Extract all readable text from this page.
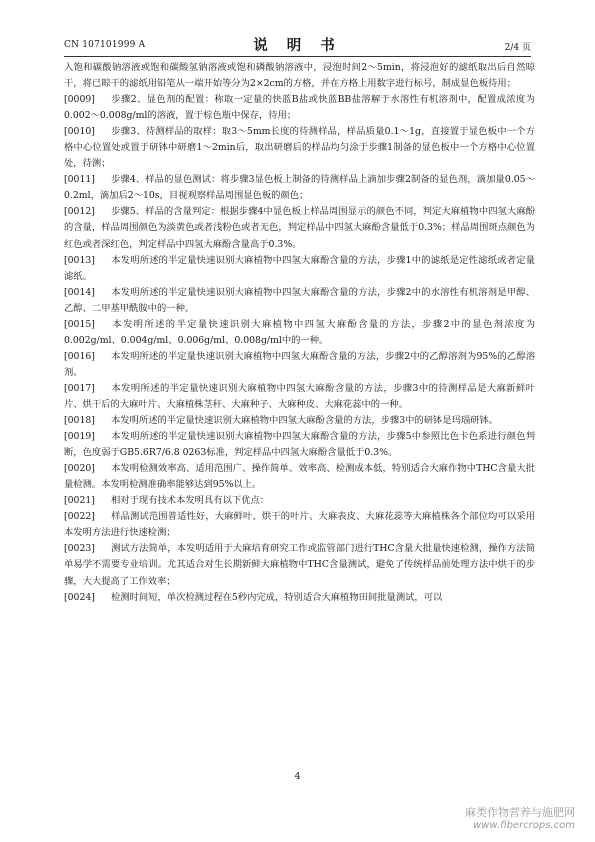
CN 107101999 A	说 明 书	2/4 页

入饱和碳酸钠溶液或饱和碳酸氢钠溶液或饱和磷酸钠溶液中，浸泡时间2～5min，将浸泡好的滤纸取出后自然晾干，将已晾干的滤纸用铅笔从一端开始等分为2×2cm的方格，并在方格上用数字进行标号，制成显色板待用；

[0009] 步骤2、显色剂的配置：称取一定量的快蓝B盐或快蓝BB盐溶解于水溶性有机溶剂中，配置成浓度为0.002～0.008g/ml的溶液，置于棕色瓶中保存，待用；

[0010] 步骤3、待测样品的取样：取3～5mm长度的待测样品，样品质量0.1～1g，直接置于显色板中一个方格中心位置处或置于研钵中研磨1～2min后，取出研磨后的样品均匀涂于步骤1制备的显色板中一个方格中心位置处，待测；

[0011] 步骤4、样品的显色测试：将步骤3显色板上制备的待测样品上滴加步骤2制备的显色剂，滴加量0.05～0.2ml，滴加后2～10s，目视观察样品周围显色板的颜色；

[0012] 步骤5、样品的含量判定：根据步骤4中显色板上样品周围显示的颜色不同，判定大麻植物中四氢大麻酚的含量，样品周围颜色为淡黄色或者浅粉色或者无色，判定样品中四氢大麻酚含量低于0.3%；样品周围斑点颜色为红色或者深红色，判定样品中四氢大麻酚含量高于0.3%。

[0013] 本发明所述的半定量快速识别大麻植物中四氢大麻酚含量的方法，步骤1中的滤纸是定性滤纸或者定量滤纸。

[0014] 本发明所述的半定量快速识别大麻植物中四氢大麻酚含量的方法，步骤2中的水溶性有机溶剂是甲醇、乙醇、二甲基甲酰胺中的一种。

[0015] 本发明所述的半定量快速识别大麻植物中四氢大麻酚含量的方法，步骤2中的显色剂浓度为0.002g/ml、0.004g/ml、0.006g/ml、0.008g/ml中的一种。

[0016] 本发明所述的半定量快速识别大麻植物中四氢大麻酚含量的方法，步骤2中的乙醇溶剂为95%的乙醇溶剂。

[0017] 本发明所述的半定量快速识别大麻植物中四氢大麻酚含量的方法，步骤3中的待测样品是大麻新鲜叶片、烘干后的大麻叶片、大麻植株茎秆、大麻种子、大麻种皮、大麻花蕊中的一种。

[0018] 本发明所述的半定量快速识别大麻植物中四氢大麻酚含量的方法，步骤3中的研钵是玛瑙研钵。

[0019] 本发明所述的半定量快速识别大麻植物中四氢大麻酚含量的方法，步骤5中参照比色卡色系进行颜色判断，色度弱于GB5.6R7/6.8 0263标准，判定样品中四氢大麻酚含量低于0.3%。

[0020] 本发明检测效率高、适用范围广、操作简单、效率高、检测成本低，特别适合大麻作物中THC含量大批量检测。本发明检测准确率能够达到95%以上。

[0021] 相对于现有技术本发明具有以下优点：

[0022] 样品测试范围普适性好，大麻鲜叶、烘干的叶片、大麻表皮、大麻花蕊等大麻植株各个部位均可以采用本发明方法进行快速检测；

[0023] 测试方法简单，本发明适用于大麻培育研究工作或监管部门进行THC含量大批量快速检测，操作方法简单易学不需要专业培训。尤其适合对生长期新鲜大麻植物中THC含量测试，避免了传统样品前处理方法中烘干的步骤，大大提高了工作效率；

[0024] 检测时间短，单次检测过程在5秒内完成，特别适合大麻植物田间批量测试，可以

4
麻类作物营养与施肥网
www.fibercrops.com
